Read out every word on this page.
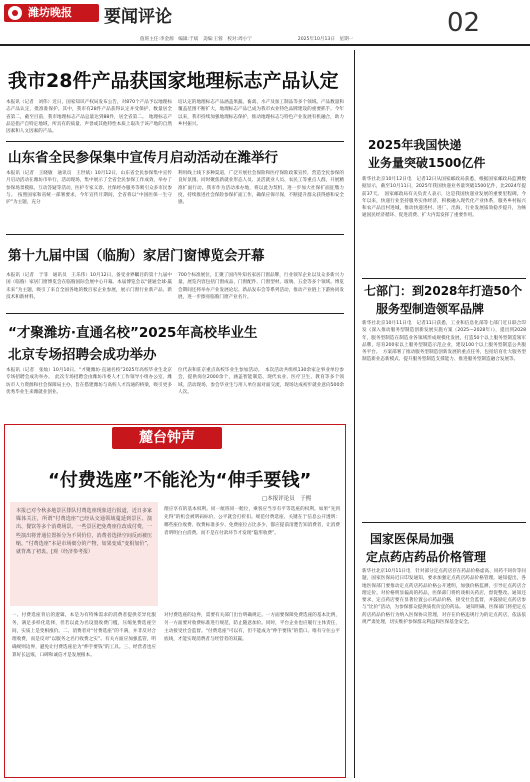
潍坊晚报	要闻评论	02
值班主任:李金源　编辑:于斌　美编:王蓉　校对:周小宁　　　　　　　　　　2025年10月13日　星期一
我市28件产品获国家地理标志产品认定
本报讯（记者　刘伟）近日，国家知识产权局发布公告，对870个产品予以地理标志产品认定，批准准保护。其中，我市有28件产品获得认定并受保护，数量居全省第二，截至目前，我市地理标志产品总量达到88件，居全省第二。　地理标志产品是指产自特定地域，所具有的质量、声誉或其他特性本质上取决于该产地的自然因素和人文因素的产品。
培认定的地理标志产品涵盖果蔬、畜禽、水产及加工制品等多个领域。产品数量和覆盖范围不断扩大，地理标志产品已成为我市农业特色品牌建设的重要抓手。今年以来，我市持续加强地理标志保护，推动地理标志与特色产业发展有机融合，助力乡村振兴。
山东省全民参保集中宣传月启动活动在潍举行
本报讯（记者　王晓敏　通讯员　王世斌）10月12日，山东省全民参保集中宣传月启动活动在潍坊市举行，活动现场，集中展示了全省全民参保工作成效，举办了参保场景模拟、互动答疑等活动，医护专家义诊、社保经办服务等吸引众多市民参与。　按照国家和省统一部署要求，今年宣传月期间，全省将以“中国医保一生守护”为主题，充分
利用线上线下多种渠道，广泛开展社会保险和医疗保险政策宣传，营造全民参保的良好氛围。同时聚焦新就业形态人员、灵活就业人员、农民工等重点人群，开展精准扩面行动。我市作为活动承办地，将以此为契机，进一步加大社保扩面征缴力度，持续推进社会保险参保扩面工作，确保应保尽保，不断提升群众获得感和安全感。
第十九届中国（临朐）家居门窗博览会开幕
本报讯（记者　于菲　通讯员　王乐伟）10月12日，备受业界瞩目的第十九届中国（临朐）家居门窗博览会在临朐国际会展中心开幕。本届博览会以“链通全球·赢未来”为主题，吸引了来自全国各地的数百家企业参展，展示门窗行业新产品、新技术和新材料。
700个标准展位，汇聚了国内外知名家居门窗品牌，行业领军企业以及众多新兴力量，展览内容包括门窗成品、门窗配件、门窗型材、玻璃、五金等多个领域。博览会期间还将举办产业发展论坛、新品发布会等系列活动，推动产业链上下游协同发展，进一步擦亮临朐门窗产业名片。
“才聚潍坊·直通名校”2025年高校毕业生
北京专场招聘会成功举办
本报讯（记者　张灿）10月10日，“才聚潍坊·直通名校”2025年高校毕业生北京专场招聘会成功举办。　此次专场招聘会由潍坊市委人才工作领导小组办公室、潍坊市人力资源和社会保障局主办，旨在搭建潍坊与高校人才沟通的桥梁，吸引更多优秀毕业生来潍就业创业。
位代表和驻京重点高校毕业生参加活动。　本次活动共组织130余家企事业单位参会，提供岗位2000余个，涵盖智能制造、现代农业、医疗卫生、教育等多个领域。活动现场，参会毕业生与用人单位面对面交流，现场达成初步就业意向500余人次。
麓台钟声
“付费选座”不能沦为“伸手要钱”
□本报评论员　于熙
本报已对今秋多地景区排队付费选座现象进行报道，近日多家媒体关注，所谓“付费选座”已经从交通领域蔓延到景区、演出、餐饮等多个消费场景。一些景区把免费座位改成付费，一些演出将普通位置拆分为不同价位，消费者选择空间反而被压缩。“付费选座”本是市场细分的产物，如果变成“变相加价”，就背离了初衷。[观（经济参考报）
一、付费选座背后的逻辑，本是为有特殊需求的消费者提供差异化服务，满足多样化选择，但若以此为名设置收费门槛，压缩免费选座空间，实质上是变相涨价。二、消费者对“付费选座”的不满，并非反对合理收费，而是反对“以服务之名行收费之实”。有关方面应加强监管，明确规则边界，避免让付费选座沦为“伸手要钱”的工具。三、经营者也应算好长远账，口碑和诚信才是发展根本。
理应享有的基本权利。同一航班同一舱位，乘客应当享有平等选座的权利。如果“先到先得”的机会被明码标价，公平就会打折扣。规范付费选座，关键在于信息公开透明：哪些座位收费、收费标准多少、免费座位占比多少，都应提前清楚告知消费者，让消费者明明白白消费，而不是在付款环节才发现“隐形收费”。
对付费选座的边界，需要有关部门出台明确规定。一方面要保障免费选座的基本比例，另一方面要对收费标准进行规范，防止随意加价。同时，平台企业也应履行主体责任，主动接受社会监督。“付费选座”可以有，但不能成为“伸手要钱”的借口。唯有守住公平底线，才能实现消费者与经营者的双赢。
2025年我国快递
业务量突破1500亿件
新华社北京10月12日电　记者12日从国家邮政局获悉，根据国家邮政局监测数据显示，截至10月11日，2025年我国快递业务量突破1500亿件，比2024年提前37天。　国家邮政局有关负责人表示，这是我国快递业发展的重要里程碑。今年以来，快递行业坚持服务实体经济，积极融入现代化产业体系，服务乡村振兴和农产品出村进城，推动快递进村、进厂、出海，行业发展质效稳步提升，为畅通国民经济循环、促进消费、扩大内需发挥了重要作用。
七部门：到2028年打造50个
服务型制造领军品牌
新华社北京10月11日电　记者11日获悉，工业和信息化部等七部门近日联合印发《深入推动服务型制造创新发展实施方案（2025—2028年）》，提出到2028年，服务型制造在制造业各领域形成规模化发展，打造50个以上服务型制造领军品牌，培育200家以上服务型制造示范企业，建设100个以上服务型制造公共服务平台。　方案部署了推动服务型制造创新发展的重点任务，包括培育壮大服务型制造新业态新模式、提升服务型制造支撑能力、推进服务型制造融合发展等。
国家医保局加强
定点药店药品价格管理
新华社北京10月11日电　针对部分定点药店存在药品价格虚高、同药不同价等问题，国家医保局近日印发通知，要求加强定点药店药品价格管理。通知提出，各地医保部门要推动定点药店药品价格公开透明，加强价格监测，引导定点药店合理定价。对价格明显偏高的药品，医保部门将约谈相关药店，督促整改。通知还要求，定点药店要在显著位置公示药品价格，接受社会监督，并鼓励定点药店参与“比价”活动，为参保群众提供质优价宜的药品。　通知明确，医保部门将把定点药店药品价格行为纳入医保协议管理，对存在价格违规行为的定点药店，依法依规严肃处理，切实维护参保群众利益和医保基金安全。
